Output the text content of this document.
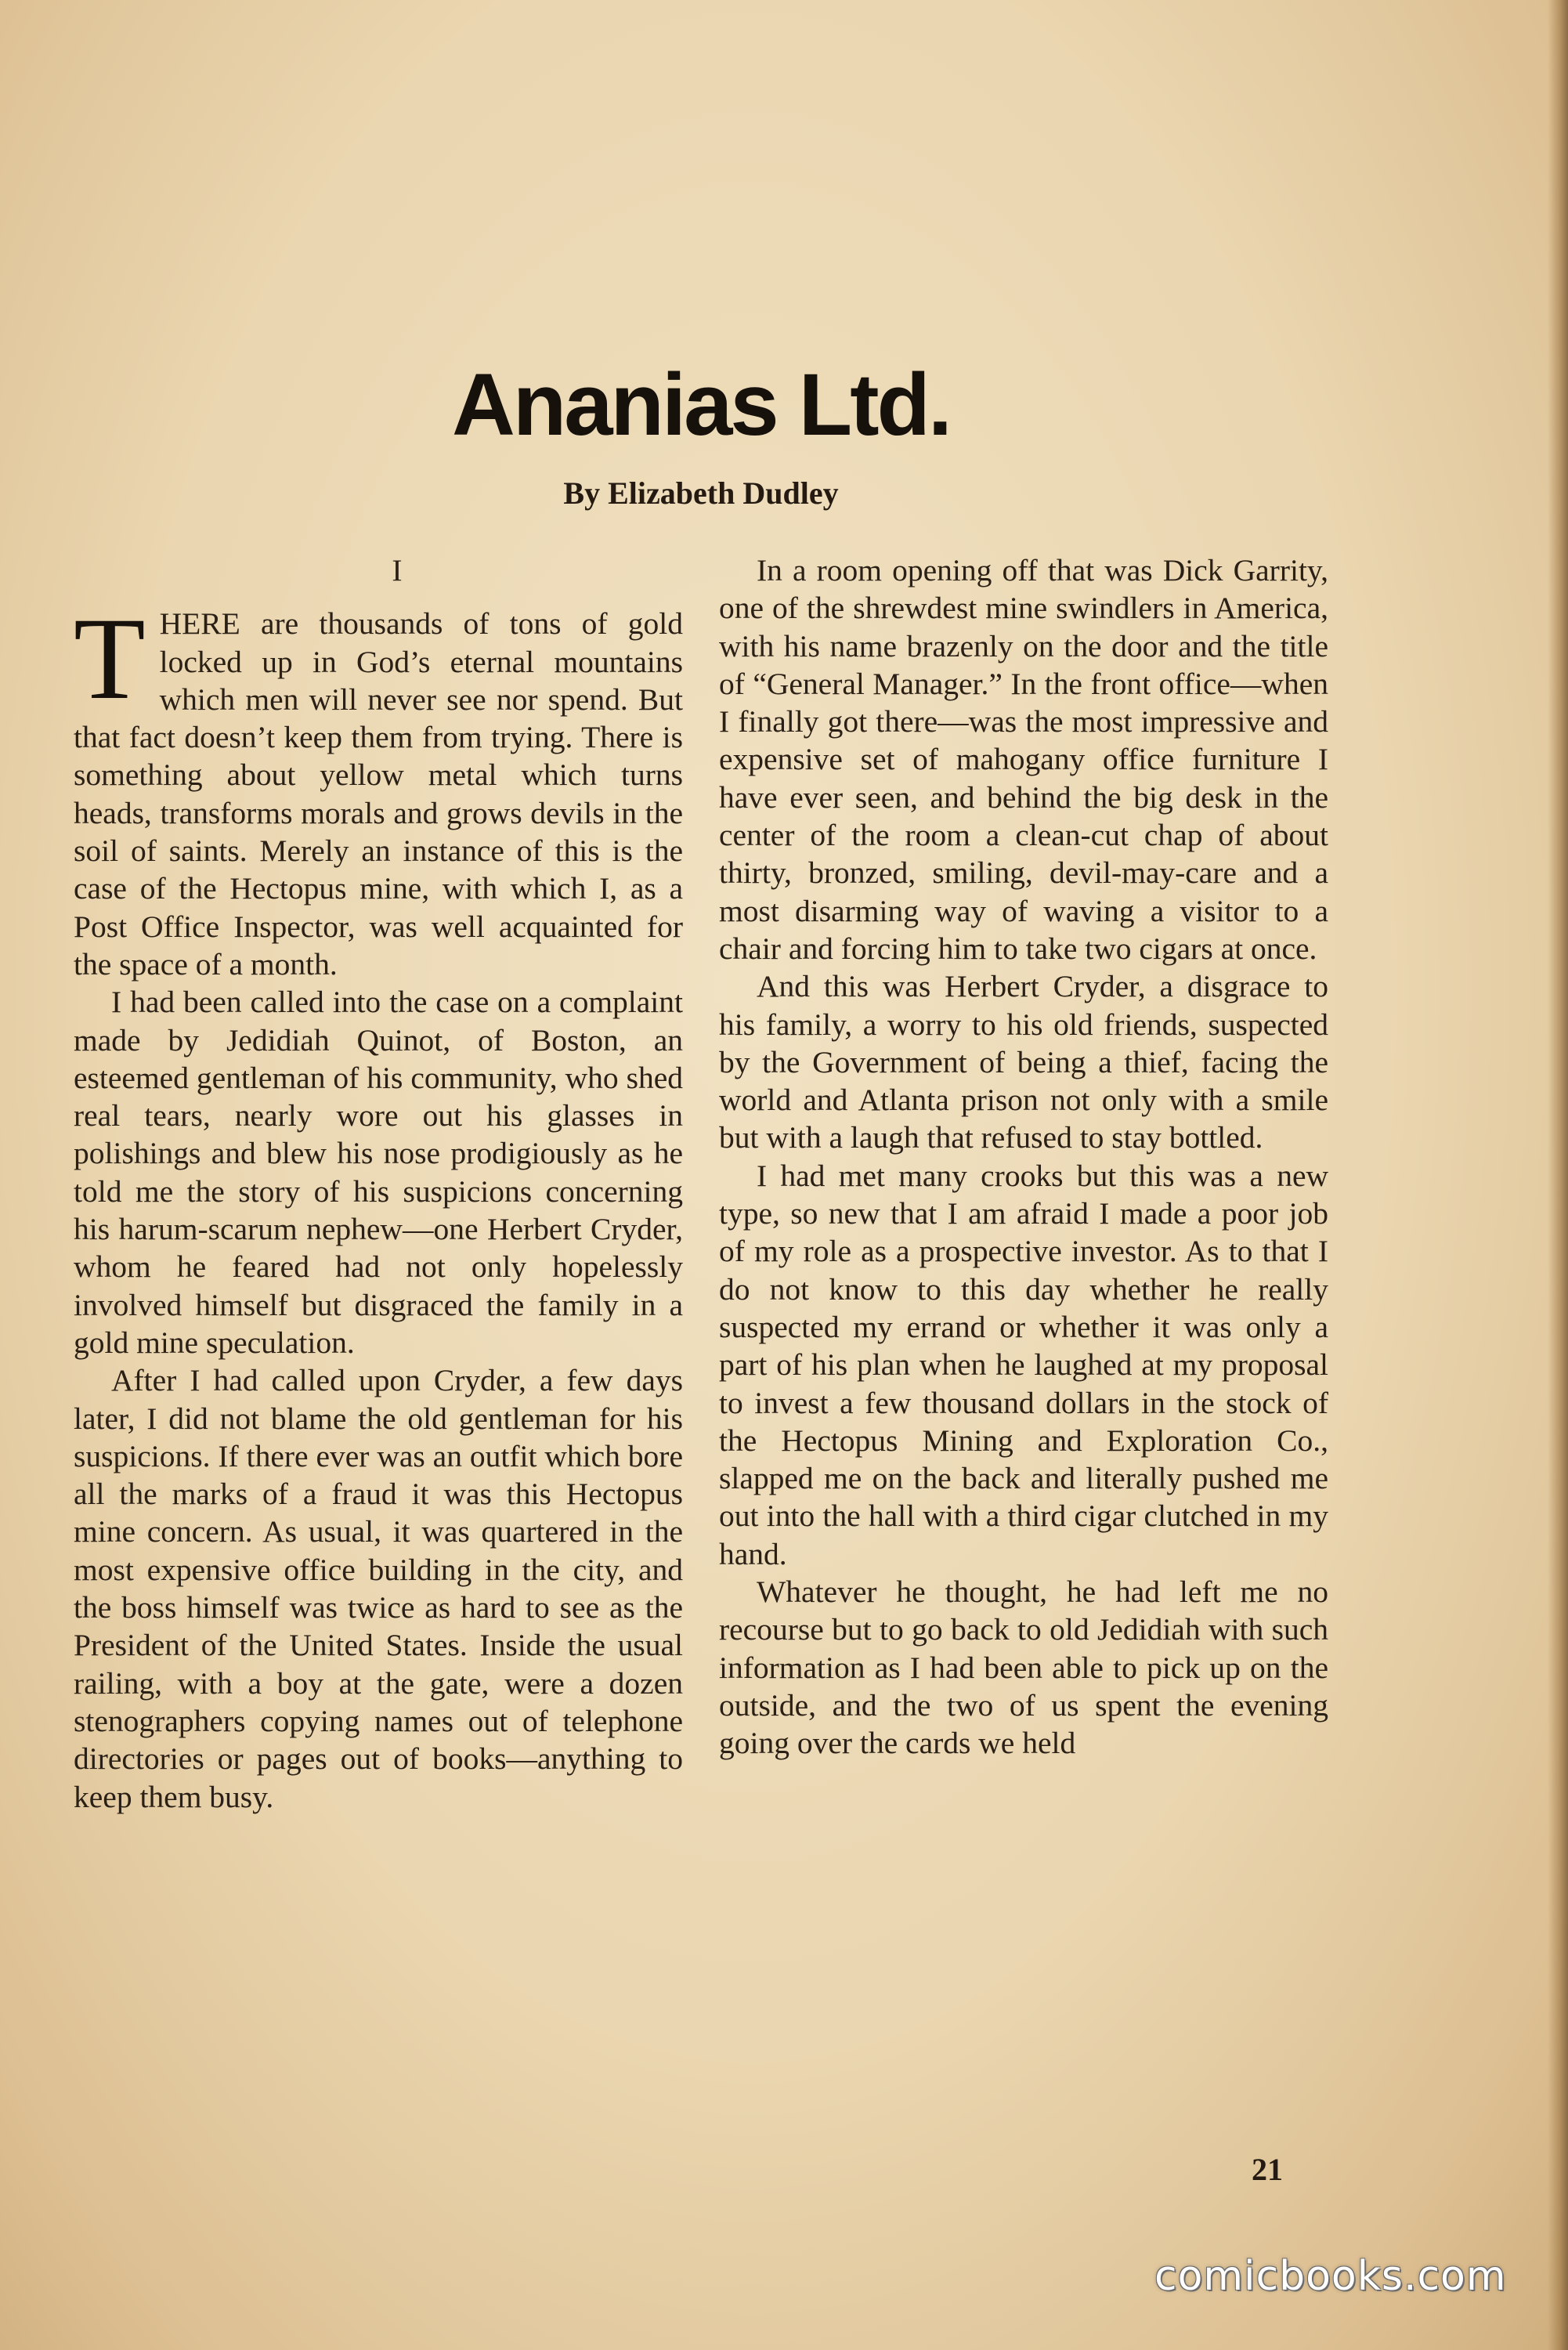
Ananias Ltd.

By Elizabeth Dudley

I

T HERE are thousands of tons of gold locked up in God’s eternal mountains which men will never see nor spend. But that fact doesn’t keep them from trying. There is something about yellow metal which turns heads, transforms morals and grows devils in the soil of saints. Merely an instance of this is the case of the Hectopus mine, with which I, as a Post Office Inspector, was well acquainted for the space of a month.

I had been called into the case on a complaint made by Jedidiah Quinot, of Boston, an esteemed gentleman of his community, who shed real tears, nearly wore out his glasses in polishings and blew his nose prodigiously as he told me the story of his suspicions concerning his harum-scarum nephew—one Herbert Cryder, whom he feared had not only hopelessly involved himself but disgraced the family in a gold mine speculation.

After I had called upon Cryder, a few days later, I did not blame the old gentleman for his suspicions. If there ever was an outfit which bore all the marks of a fraud it was this Hectopus mine concern. As usual, it was quartered in the most expensive office building in the city, and the boss himself was twice as hard to see as the President of the United States. Inside the usual railing, with a boy at the gate, were a dozen stenographers copying names out of telephone directories or pages out of books—anything to keep them busy.

In a room opening off that was Dick Garrity, one of the shrewdest mine swindlers in America, with his name brazenly on the door and the title of “General Manager.” In the front office—when I finally got there—was the most impressive and expensive set of mahogany office furniture I have ever seen, and behind the big desk in the center of the room a clean-cut chap of about thirty, bronzed, smiling, devil-may-care and a most disarming way of waving a visitor to a chair and forcing him to take two cigars at once.

And this was Herbert Cryder, a disgrace to his family, a worry to his old friends, suspected by the Government of being a thief, facing the world and Atlanta prison not only with a smile but with a laugh that refused to stay bottled.

I had met many crooks but this was a new type, so new that I am afraid I made a poor job of my role as a prospective investor. As to that I do not know to this day whether he really suspected my errand or whether it was only a part of his plan when he laughed at my proposal to invest a few thousand dollars in the stock of the Hectopus Mining and Exploration Co., slapped me on the back and literally pushed me out into the hall with a third cigar clutched in my hand.

Whatever he thought, he had left me no recourse but to go back to old Jedidiah with such information as I had been able to pick up on the outside, and the two of us spent the evening going over the cards we held

21
comicbooks.com
